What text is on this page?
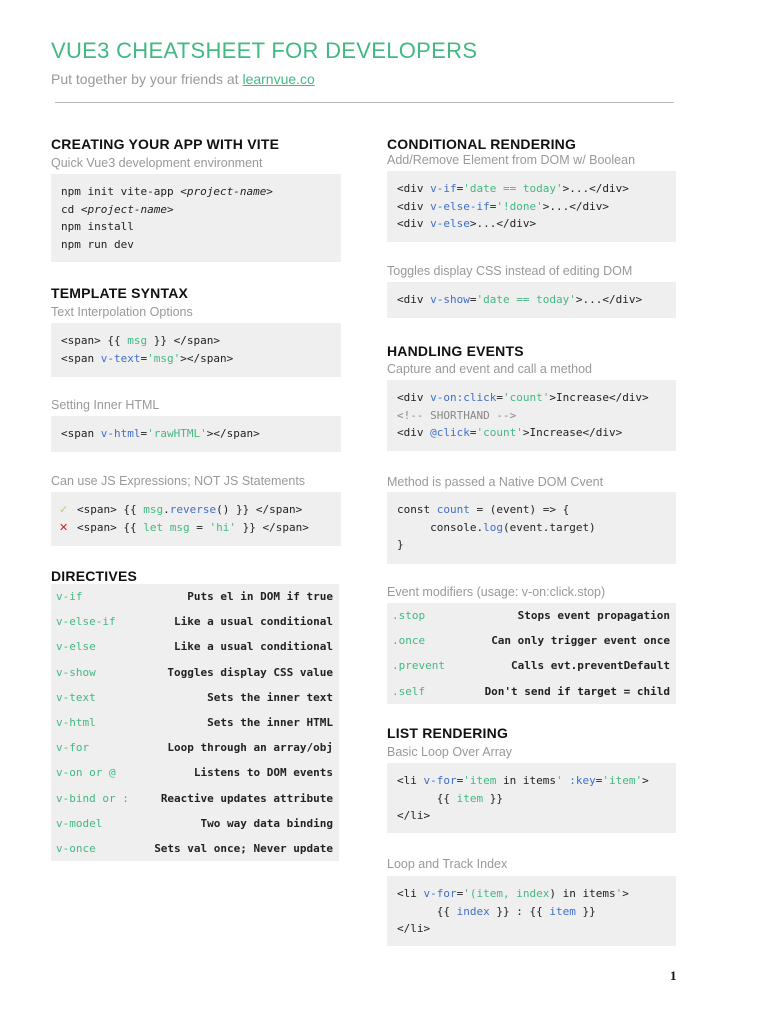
VUE3 CHEATSHEET FOR DEVELOPERS
Put together by your friends at learnvue.co
CREATING YOUR APP WITH VITE
Quick Vue3 development environment
npm init vite-app <project-name>
cd <project-name>
npm install
npm run dev
TEMPLATE SYNTAX
Text Interpolation Options
<span> {{ msg }} </span>
<span v-text='msg'></span>
Setting Inner HTML
<span v-html='rawHTML'></span>
Can use JS Expressions; NOT JS Statements
✓ <span> {{ msg.reverse() }} </span>
✕ <span> {{ let msg = 'hi' }} </span>
DIRECTIVES
v-if	Puts el in DOM if true
v-else-if	Like a usual conditional
v-else	Like a usual conditional
v-show	Toggles display CSS value
v-text	Sets the inner text
v-html	Sets the inner HTML
v-for	Loop through an array/obj
v-on or @	Listens to DOM events
v-bind or :	Reactive updates attribute
v-model	Two way data binding
v-once	Sets val once; Never update
CONDITIONAL RENDERING
Add/Remove Element from DOM w/ Boolean
<div v-if='date == today'>...</div>
<div v-else-if='!done'>...</div>
<div v-else>...</div>
Toggles display CSS instead of editing DOM
<div v-show='date == today'>...</div>
HANDLING EVENTS
Capture and event and call a method
<div v-on:click='count'>Increase</div>
<!-- SHORTHAND -->
<div @click='count'>Increase</div>
Method is passed a Native DOM Cvent
const count = (event) => {
console.log(event.target)
}
Event modifiers (usage: v-on:click.stop)
.stop	Stops event propagation
.once	Can only trigger event once
.prevent	Calls evt.preventDefault
.self	Don't send if target = child
LIST RENDERING
Basic Loop Over Array
<li v-for='item in items' :key='item'>
{{ item }}
</li>
Loop and Track Index
<li v-for='(item, index) in items'>
{{ index }} : {{ item }}
</li>
1
